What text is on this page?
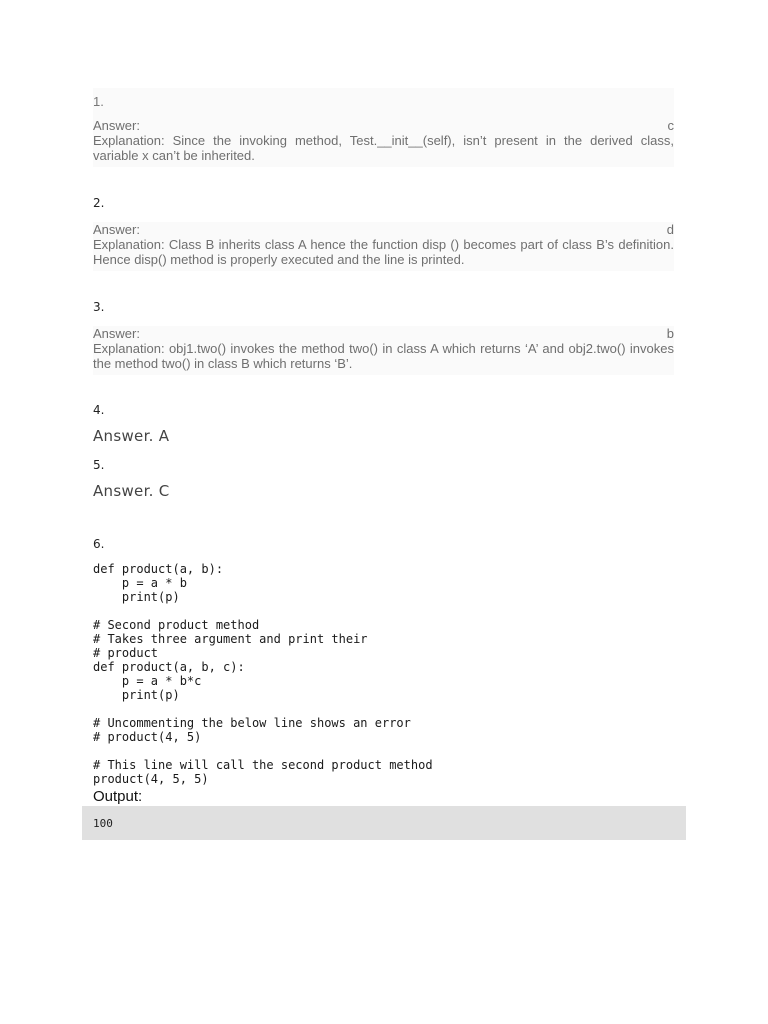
1.
Answer:	c
Explanation: Since the invoking method, Test.__init__(self), isn’t present in the derived class, variable x can’t be inherited.
2.
Answer:	d
Explanation: Class B inherits class A hence the function disp () becomes part of class B’s definition. Hence disp() method is properly executed and the line is printed.
3.
Answer:	b
Explanation: obj1.two() invokes the method two() in class A which returns ‘A’ and obj2.two() invokes the method two() in class B which returns ‘B’.
4.
Answer. A
5.
Answer. C
6.
def product(a, b):
p = a * b
print(p)

# Second product method
# Takes three argument and print their
# product
def product(a, b, c):
p = a * b*c
print(p)

# Uncommenting the below line shows an error
# product(4, 5)

# This line will call the second product method
product(4, 5, 5)
Output:
100
